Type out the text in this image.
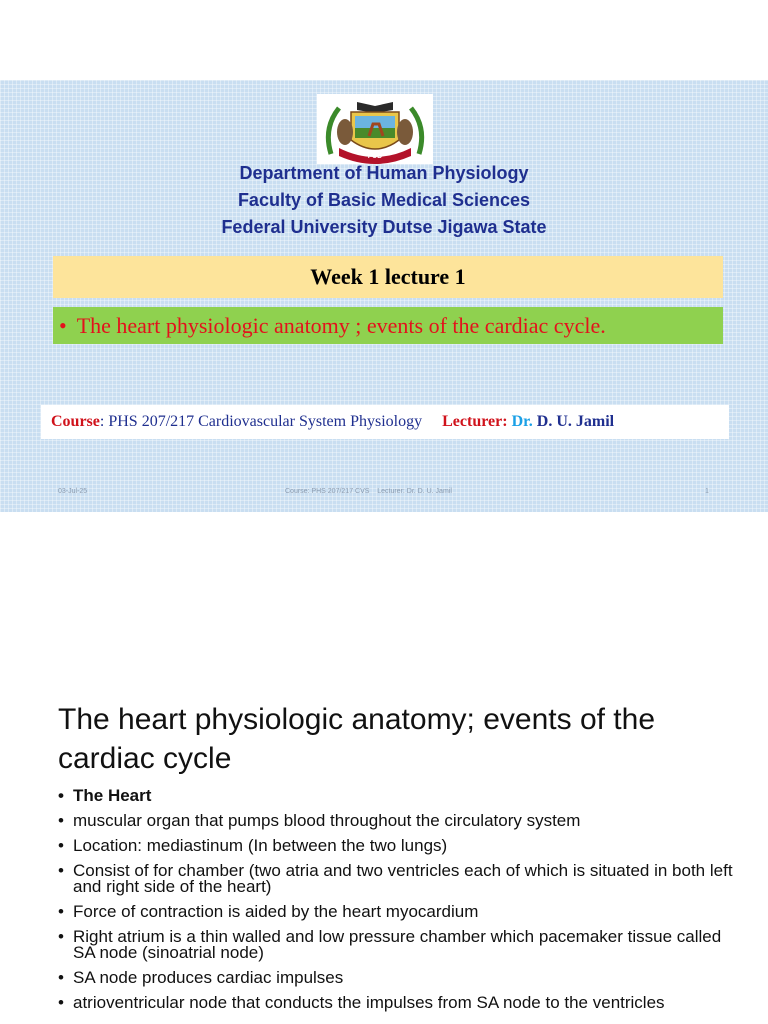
FUD
Department of Human Physiology
Faculty of Basic Medical Sciences
Federal University Dutse Jigawa State
Week 1 lecture 1
• The heart physiologic anatomy ; events of the cardiac cycle.
Course : PHS 207/217 Cardiovascular System Physiology Lecturer :
Dr.
D. U. Jamil
03-Jul-25	Course: PHS 207/217 CVS    Lecturer: Dr. D. U. Jamil	1
The heart physiologic anatomy; events of the
cardiac cycle
• The Heart
• muscular organ that pumps blood throughout the circulatory system
• Location: mediastinum (In between the two lungs)
• Consist of for chamber (two atria and two ventricles each of which is situated in both left and right side of the heart)
• Force of contraction is aided by the heart myocardium
• Right atrium is a thin walled and low pressure chamber which pacemaker tissue called SA node (sinoatrial node)
• SA node produces cardiac impulses
• atrioventricular node that conducts the impulses from SA node to the ventricles
